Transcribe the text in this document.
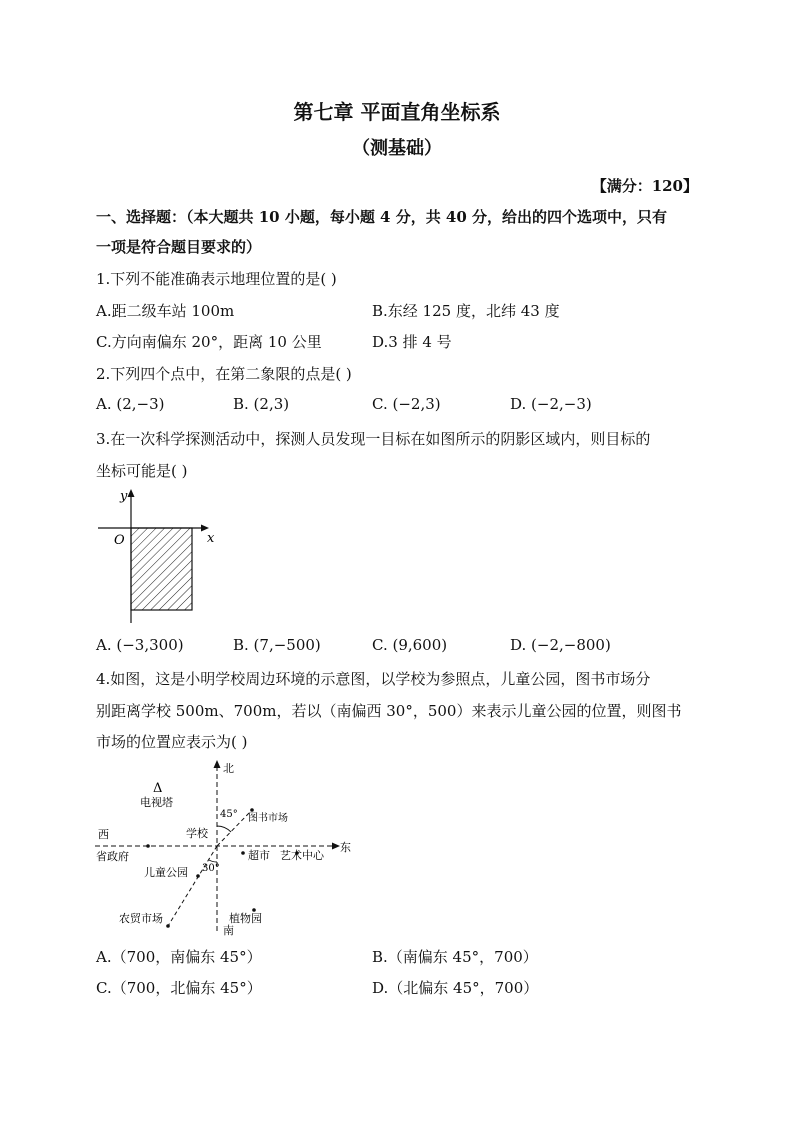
第七章 平面直角坐标系
（测基础）
【满分：120】
一、选择题：（本大题共 10 小题，每小题 4 分，共 40 分，给出的四个选项中，只有
一项是符合题目要求的）
1.下列不能准确表示地理位置的是( )
A.距二级车站 100m	B.东经 125 度，北纬 43 度
C.方向南偏东 20°，距离 10 公里	D.3 排 4 号
2.下列四个点中，在第二象限的点是( )
A. (2,−3)	B. (2,3)	C. (−2,3)	D. (−2,−3)
3.在一次科学探测活动中，探测人员发现一目标在如图所示的阴影区域内，则目标的
坐标可能是( )
y
x
O
A. (−3,300)	B. (7,−500)	C. (9,600)	D. (−2,−800)
4.如图，这是小明学校周边环境的示意图，以学校为参照点，儿童公园，图书市场分
别距离学校 500m、700m，若以（南偏西 30°，500）来表示儿童公园的位置，则图书
市场的位置应表示为( )
北
南
东
西
Δ
电视塔
学校
图书市场
45°
30°
省政府	超市 艺术中心
儿童公园
农贸市场	植物园
A.（700，南偏东 45°）	B.（南偏东 45°，700）
C.（700，北偏东 45°）	D.（北偏东 45°，700）
